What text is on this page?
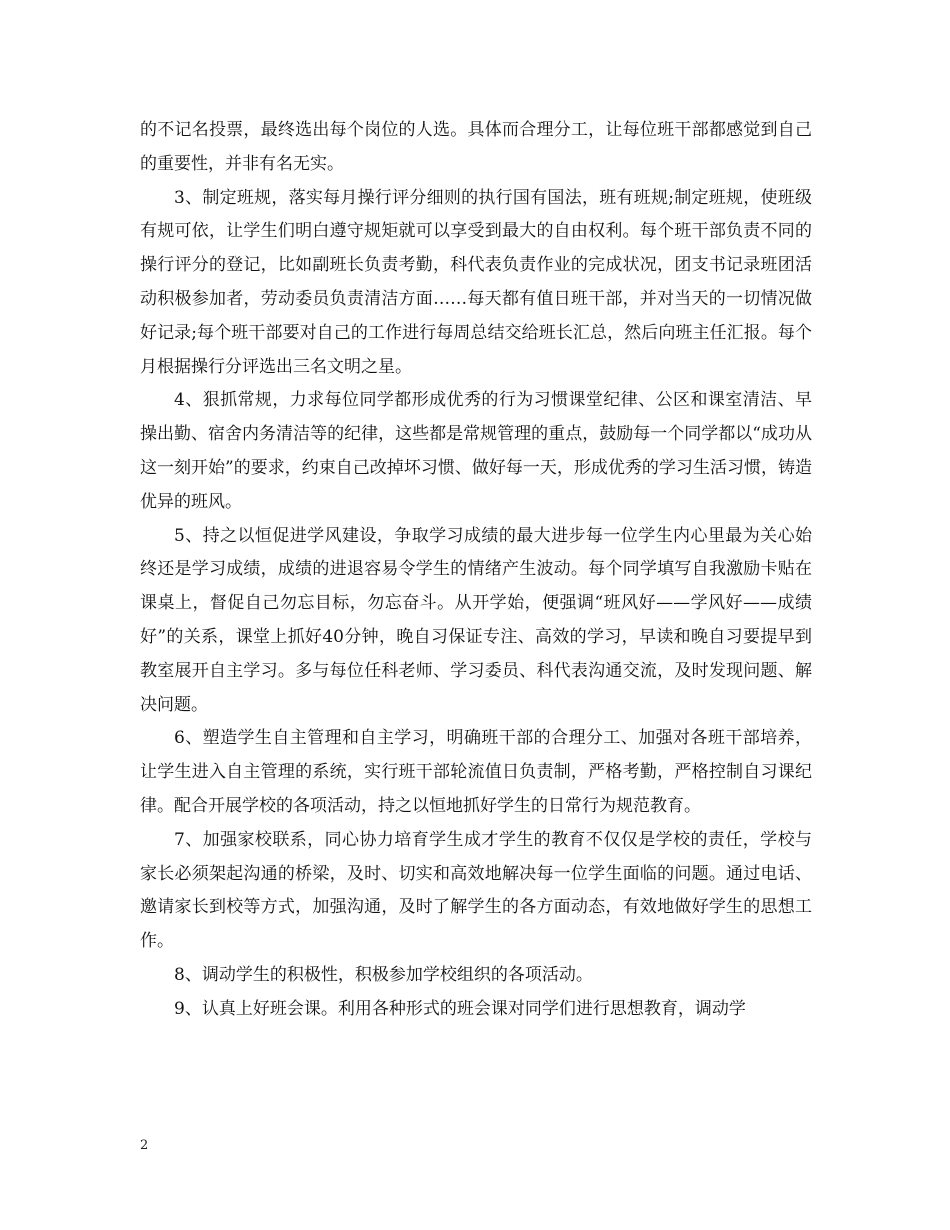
的不记名投票，最终选出每个岗位的人选。具体而合理分工，让每位班干部都感觉到自己的重要性，并非有名无实。

3、制定班规，落实每月操行评分细则的执行国有国法，班有班规;制定班规，使班级有规可依，让学生们明白遵守规矩就可以享受到最大的自由权利。每个班干部负责不同的操行评分的登记，比如副班长负责考勤，科代表负责作业的完成状况，团支书记录班团活动积极参加者，劳动委员负责清洁方面……每天都有值日班干部，并对当天的一切情况做好记录;每个班干部要对自己的工作进行每周总结交给班长汇总，然后向班主任汇报。每个月根据操行分评选出三名文明之星。

4、狠抓常规，力求每位同学都形成优秀的行为习惯课堂纪律、公区和课室清洁、早操出勤、宿舍内务清洁等的纪律，这些都是常规管理的重点，鼓励每一个同学都以“成功从这一刻开始”的要求，约束自己改掉坏习惯、做好每一天，形成优秀的学习生活习惯，铸造优异的班风。

5、持之以恒促进学风建设，争取学习成绩的最大进步每一位学生内心里最为关心始终还是学习成绩，成绩的进退容易令学生的情绪产生波动。每个同学填写自我激励卡贴在课桌上，督促自己勿忘目标，勿忘奋斗。从开学始，便强调“班风好——学风好——成绩好”的关系，课堂上抓好40分钟，晚自习保证专注、高效的学习，早读和晚自习要提早到教室展开自主学习。多与每位任科老师、学习委员、科代表沟通交流，及时发现问题、解决问题。

6、塑造学生自主管理和自主学习，明确班干部的合理分工、加强对各班干部培养，让学生进入自主管理的系统，实行班干部轮流值日负责制，严格考勤，严格控制自习课纪律。配合开展学校的各项活动，持之以恒地抓好学生的日常行为规范教育。

7、加强家校联系，同心协力培育学生成才学生的教育不仅仅是学校的责任，学校与家长必须架起沟通的桥梁，及时、切实和高效地解决每一位学生面临的问题。通过电话、邀请家长到校等方式，加强沟通，及时了解学生的各方面动态，有效地做好学生的思想工作。

8、调动学生的积极性，积极参加学校组织的各项活动。

9、认真上好班会课。利用各种形式的班会课对同学们进行思想教育，调动学

2
